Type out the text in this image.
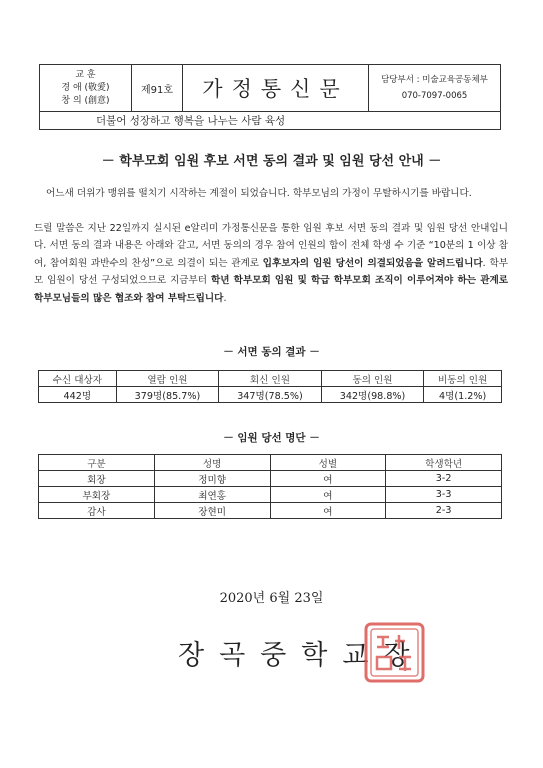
교 훈
경 애 (敬愛)
창 의 (創意)
제91호	가정통신문	담당부서 : 미술교육공동체부
070-7097-0065
더불어 성장하고 행복을 나누는 사람 육성
－ 학부모회 임원 후보 서면 동의 결과 및 임원 당선 안내 －
어느새 더위가 맹위를 떨치기 시작하는 계절이 되었습니다. 학부모님의 가정이 무탈하시기를 바랍니다.
드릴 말씀은 지난 22일까지 실시된 e알리미 가정통신문을 통한 임원 후보 서면 동의 결과 및 임원 당선 안내입니다. 서면 동의 결과 내용은 아래와 같고, 서면 동의의 경우 참여 인원의 합이 전체 학생 수 기준 “10분의 1 이상 참여, 참여회원 과반수의 찬성”으로 의결이 되는 관계로 입후보자의 임원 당선이 의결되었음을 알려드립니다. 학부모 임원이 당선 구성되었으므로 지금부터 학년 학부모회 임원 및 학급 학부모회 조직이 이루어져야 하는 관계로 학부모님들의 많은 협조와 참여 부탁드립니다.
－ 서면 동의 결과 －
수신 대상자	열람 인원	회신 인원	동의 인원	비동의 인원
442명	379명(85.7%)	347명(78.5%)	342명(98.8%)	4명(1.2%)
－ 임원 당선 명단 －
구분	성명	성별	학생학년
회장	정미향	여	3-2
부회장	최연홍	여	3-3
감사	장현미	여	2-3
2020년 6월 23일
장곡중학교장
